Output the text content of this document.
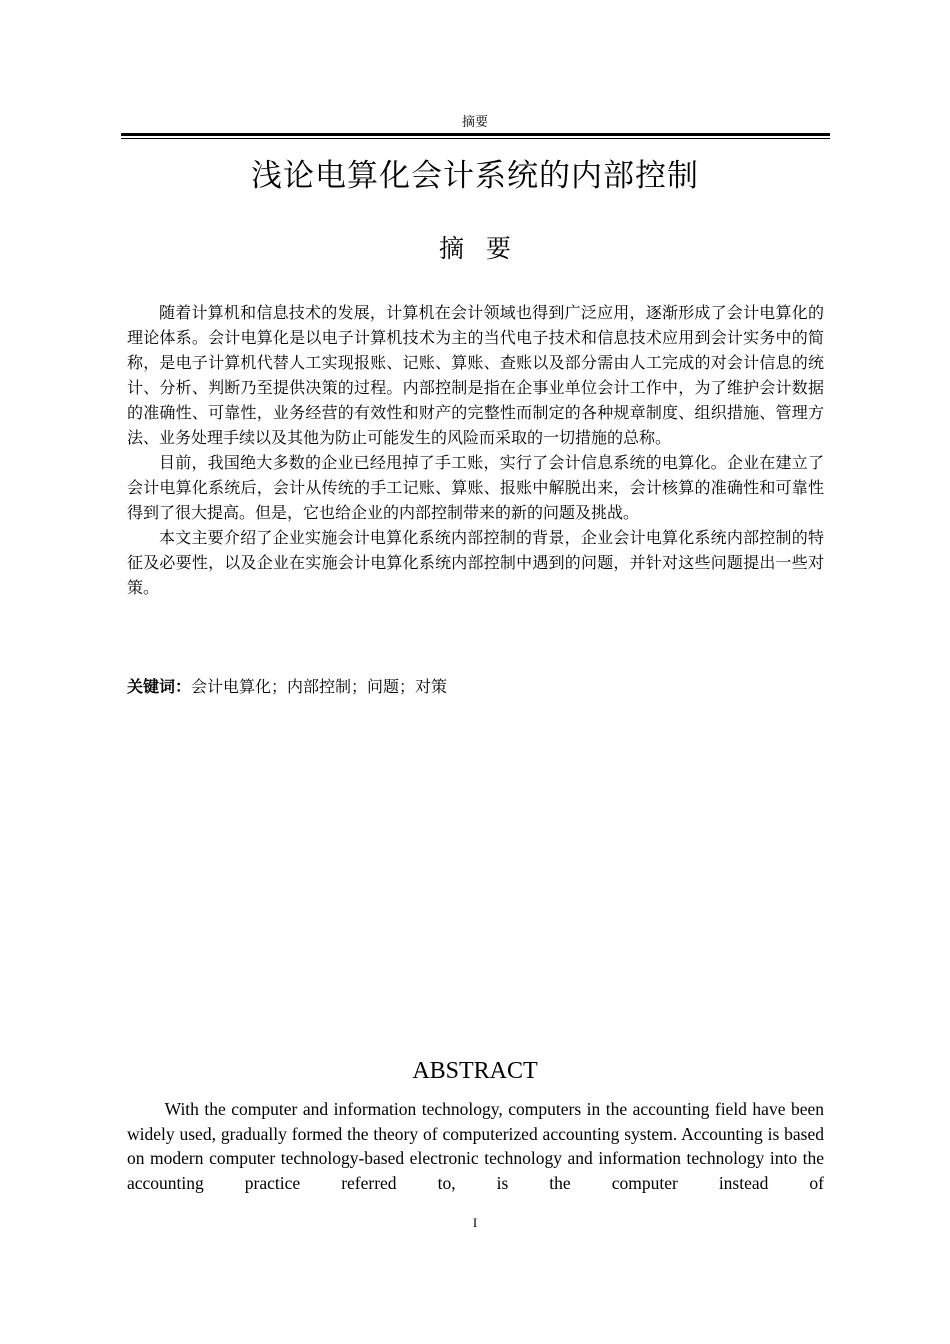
摘要
浅论电算化会计系统的内部控制
摘要

随着计算机和信息技术的发展，计算机在会计领域也得到广泛应用，逐渐形成了会计电算化的理论体系。会计电算化是以电子计算机技术为主的当代电子技术和信息技术应用到会计实务中的简称，是电子计算机代替人工实现报账、记账、算账、查账以及部分需由人工完成的对会计信息的统计、分析、判断乃至提供决策的过程。内部控制是指在企事业单位会计工作中，为了维护会计数据的准确性、可靠性，业务经营的有效性和财产的完整性而制定的各种规章制度、组织措施、管理方法、业务处理手续以及其他为防止可能发生的风险而采取的一切措施的总称。

目前，我国绝大多数的企业已经甩掉了手工账，实行了会计信息系统的电算化。企业在建立了会计电算化系统后，会计从传统的手工记账、算账、报账中解脱出来，会计核算的准确性和可靠性得到了很大提高。但是，它也给企业的内部控制带来的新的问题及挑战。

本文主要介绍了企业实施会计电算化系统内部控制的背景，企业会计电算化系统内部控制的特征及必要性，以及企业在实施会计电算化系统内部控制中遇到的问题，并针对这些问题提出一些对策。

关键词：会计电算化；内部控制；问题；对策
ABSTRACT

With the computer and information technology, computers in the accounting field have been widely used, gradually formed the theory of computerized accounting system. Accounting is based on modern computer technology-based electronic technology and information technology into the accounting practice referred to, is the computer instead of

I
